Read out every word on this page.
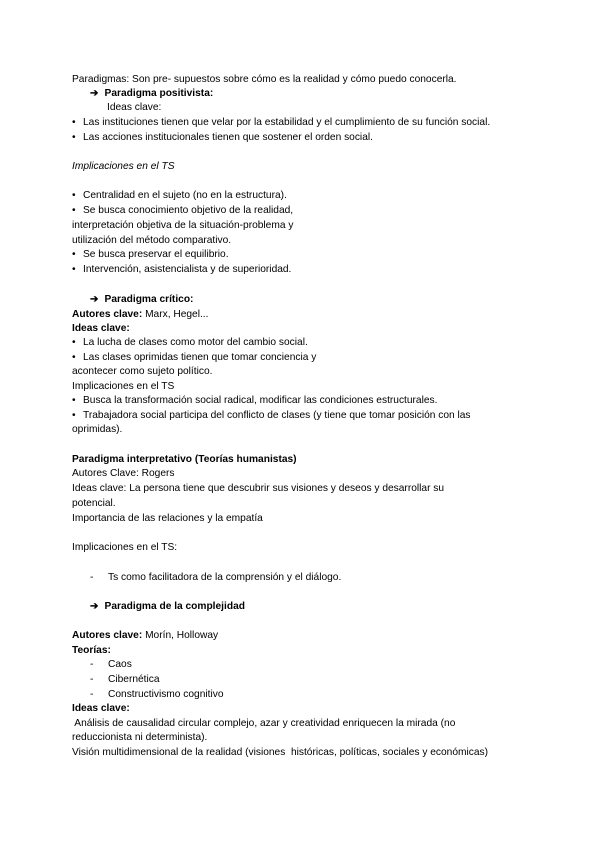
Paradigmas: Son pre- supuestos sobre cómo es la realidad y cómo puedo conocerla.
➔ Paradigma positivista:
Ideas clave:
• Las instituciones tienen que velar por la estabilidad y el cumplimiento de su función social.
• Las acciones institucionales tienen que sostener el orden social.
Implicaciones en el TS
• Centralidad en el sujeto (no en la estructura).
• Se busca conocimiento objetivo de la realidad,
interpretación objetiva de la situación-problema y
utilización del método comparativo.
• Se busca preservar el equilibrio.
• Intervención, asistencialista y de superioridad.
➔ Paradigma crítico:
Autores clave: Marx, Hegel...
Ideas clave:
• La lucha de clases como motor del cambio social.
• Las clases oprimidas tienen que tomar conciencia y
acontecer como sujeto político.
Implicaciones en el TS
• Busca la transformación social radical, modificar las condiciones estructurales.
• Trabajadora social participa del conflicto de clases (y tiene que tomar posición con las
oprimidas).
Paradigma interpretativo (Teorías humanistas)
Autores Clave: Rogers
Ideas clave: La persona tiene que descubrir sus visiones y deseos y desarrollar su
potencial.
Importancia de las relaciones y la empatía
Implicaciones en el TS:
- Ts como facilitadora de la comprensión y el diálogo.
➔ Paradigma de la complejidad
Autores clave: Morín, Holloway
Teorías:
- Caos
- Cibernética
- Constructivismo cognitivo
Ideas clave:
Análisis de causalidad circular complejo, azar y creatividad enriquecen la mirada (no
reduccionista ni determinista).
Visión multidimensional de la realidad (visiones  históricas, políticas, sociales y económicas)
